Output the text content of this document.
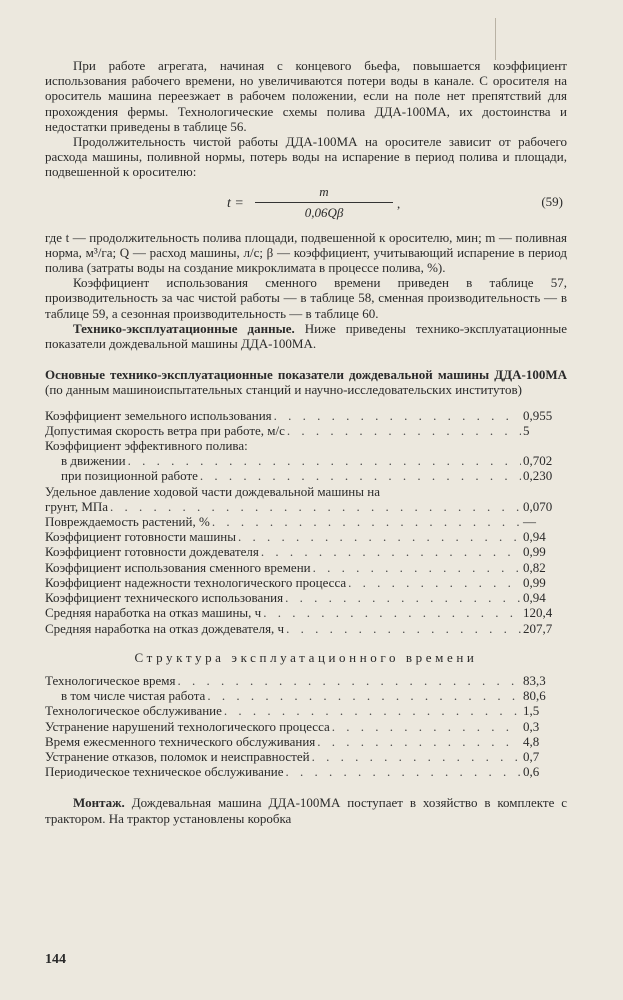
При работе агрегата, начиная с концевого бьефа, повышается коэффициент использования рабочего времени, но увеличиваются потери воды в канале. С оросителя на ороситель машина переезжает в рабочем положении, если на поле нет препятствий для прохождения фермы. Технологические схемы полива ДДА-100МА, их достоинства и недостатки приведены в таблице 56.

Продолжительность чистой работы ДДА-100МА на оросителе зависит от рабочего расхода машины, поливной нормы, потерь воды на испарение в период полива и площади, подвешенной к оросителю:

t =
m
0,06Qβ
,	(59)

где t — продолжительность полива площади, подвешенной к оросителю, мин; m — поливная норма, м³/га; Q — расход машины, л/с; β — коэффициент, учитывающий испарение в период полива (затраты воды на создание микроклимата в процессе полива, %).

Коэффициент использования сменного времени приведен в таблице 57, производительность за час чистой работы — в таблице 58, сменная производительность — в таблице 59, а сезонная производительность — в таблице 60.

Технико-эксплуатационные данные. Ниже приведены технико-эксплуатационные показатели дождевальной машины ДДА-100МА.

Основные технико-эксплуатационные показатели дождевальной машины ДДА-100МА (по данным машиноиспытательных станций и научно-исследовательских институтов)

Коэффициент земельного использования . . .	0,955
Допустимая скорость ветра при работе, м/с . . .	5
Коэффициент эффективного полива:
в движении . . .	0,702
при позиционной работе . . .	0,230
Удельное давление ходовой части дождевальной машины на
грунт, МПа . . .	0,070
Повреждаемость растений, % . . .	—
Коэффициент готовности машины . . .	0,94
Коэффициент готовности дождевателя . . .	0,99
Коэффициент использования сменного времени . . .	0,82
Коэффициент надежности технологического процесса . . .	0,99
Коэффициент технического использования . . .	0,94
Средняя наработка на отказ машины, ч . . .	120,4
Средняя наработка на отказ дождевателя, ч . . .	207,7
Структура эксплуатационного времени
Технологическое время . . .	83,3
в том числе чистая работа . . .	80,6
Технологическое обслуживание . . .	1,5
Устранение нарушений технологического процесса . . .	0,3
Время ежесменного технического обслуживания . . .	4,8
Устранение отказов, поломок и неисправностей . . .	0,7
Периодическое техническое обслуживание . . .	0,6

Монтаж. Дождевальная машина ДДА-100МА поступает в хозяйство в комплекте с трактором. На трактор установлены коробка

144
